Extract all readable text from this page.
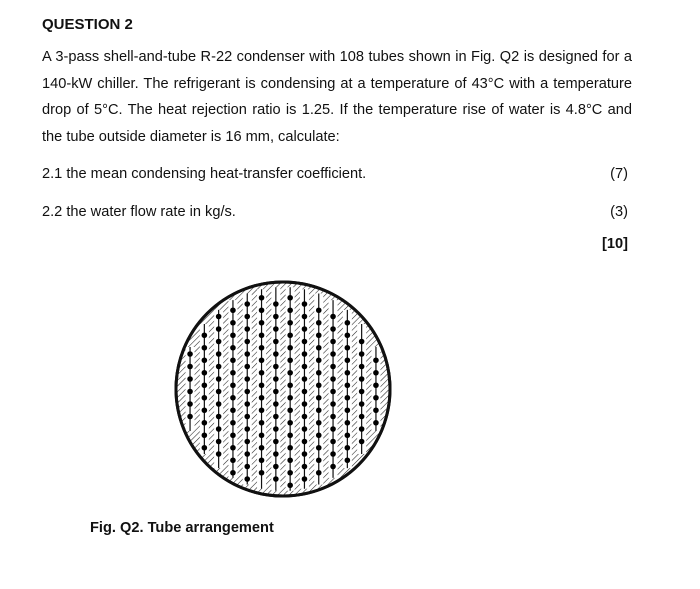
QUESTION 2
A 3-pass shell-and-tube R-22 condenser with 108 tubes shown in Fig. Q2 is designed for a 140-kW chiller. The refrigerant is condensing at a temperature of 43°C with a temperature drop of 5°C. The heat rejection ratio is 1.25. If the temperature rise of water is 4.8°C and the tube outside diameter is 16 mm, calculate:
2.1 the mean condensing heat-transfer coefficient.	(7)
2.2 the water flow rate in kg/s.	(3)
[10]
Fig. Q2. Tube arrangement
